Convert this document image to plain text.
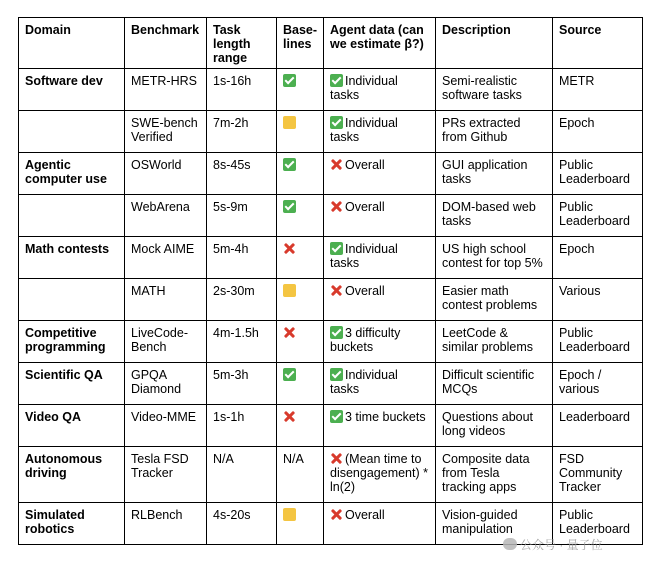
Domain	Benchmark	Task length range	Base-lines	Agent data (can we estimate β?)	Description	Source
Software dev	METR-HRS	1s-16h		Individual tasks	Semi-realistic software tasks	METR
	SWE-bench Verified	7m-2h		Individual tasks	PRs extracted from Github	Epoch
Agentic computer use	OSWorld	8s-45s		Overall	GUI application tasks	Public Leaderboard
	WebArena	5s-9m		Overall	DOM-based web tasks	Public Leaderboard
Math contests	Mock AIME	5m-4h		Individual tasks	US high school contest for top 5%	Epoch
	MATH	2s-30m		Overall	Easier math contest problems	Various
Competitive programming	LiveCode-Bench	4m-1.5h		3 difficulty buckets	LeetCode & similar problems	Public Leaderboard
Scientific QA	GPQA Diamond	5m-3h		Individual tasks	Difficult scientific MCQs	Epoch / various
Video QA	Video-MME	1s-1h		3 time buckets	Questions about long videos	Leaderboard
Autonomous driving	Tesla FSD Tracker	N/A	N/A	(Mean time to disengagement) * ln(2)	Composite data from Tesla tracking apps	FSD Community Tracker
Simulated robotics	RLBench	4s-20s		Overall	Vision-guided manipulation	Public Leaderboard
公众号 · 量子位
